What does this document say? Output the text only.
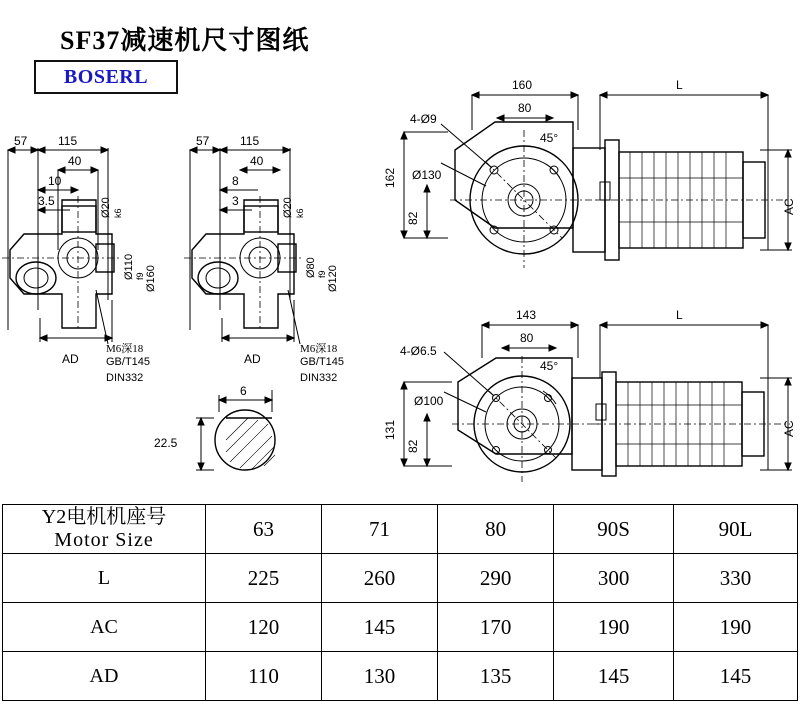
SF37减速机尺寸图纸
BOSERL
57	115
40
10
3.5	Ø20 k6
Ø110 f9 Ø160
AD
M6深18
GB/T145
DIN332
57	115
40
8
3	Ø20 k6
Ø80 f9 Ø120
AD
M6深18
GB/T145
DIN332
6
22.5
160
80
45°
4-Ø9
Ø130
162
82
L
AC
143
80
45°
4-Ø6.5
Ø100
131
82
L
AC
Y2电机机座号
Motor Size	63	71	80	90S	90L
L	225	260	290	300	330
AC	120	145	170	190	190
AD	110	130	135	145	145
